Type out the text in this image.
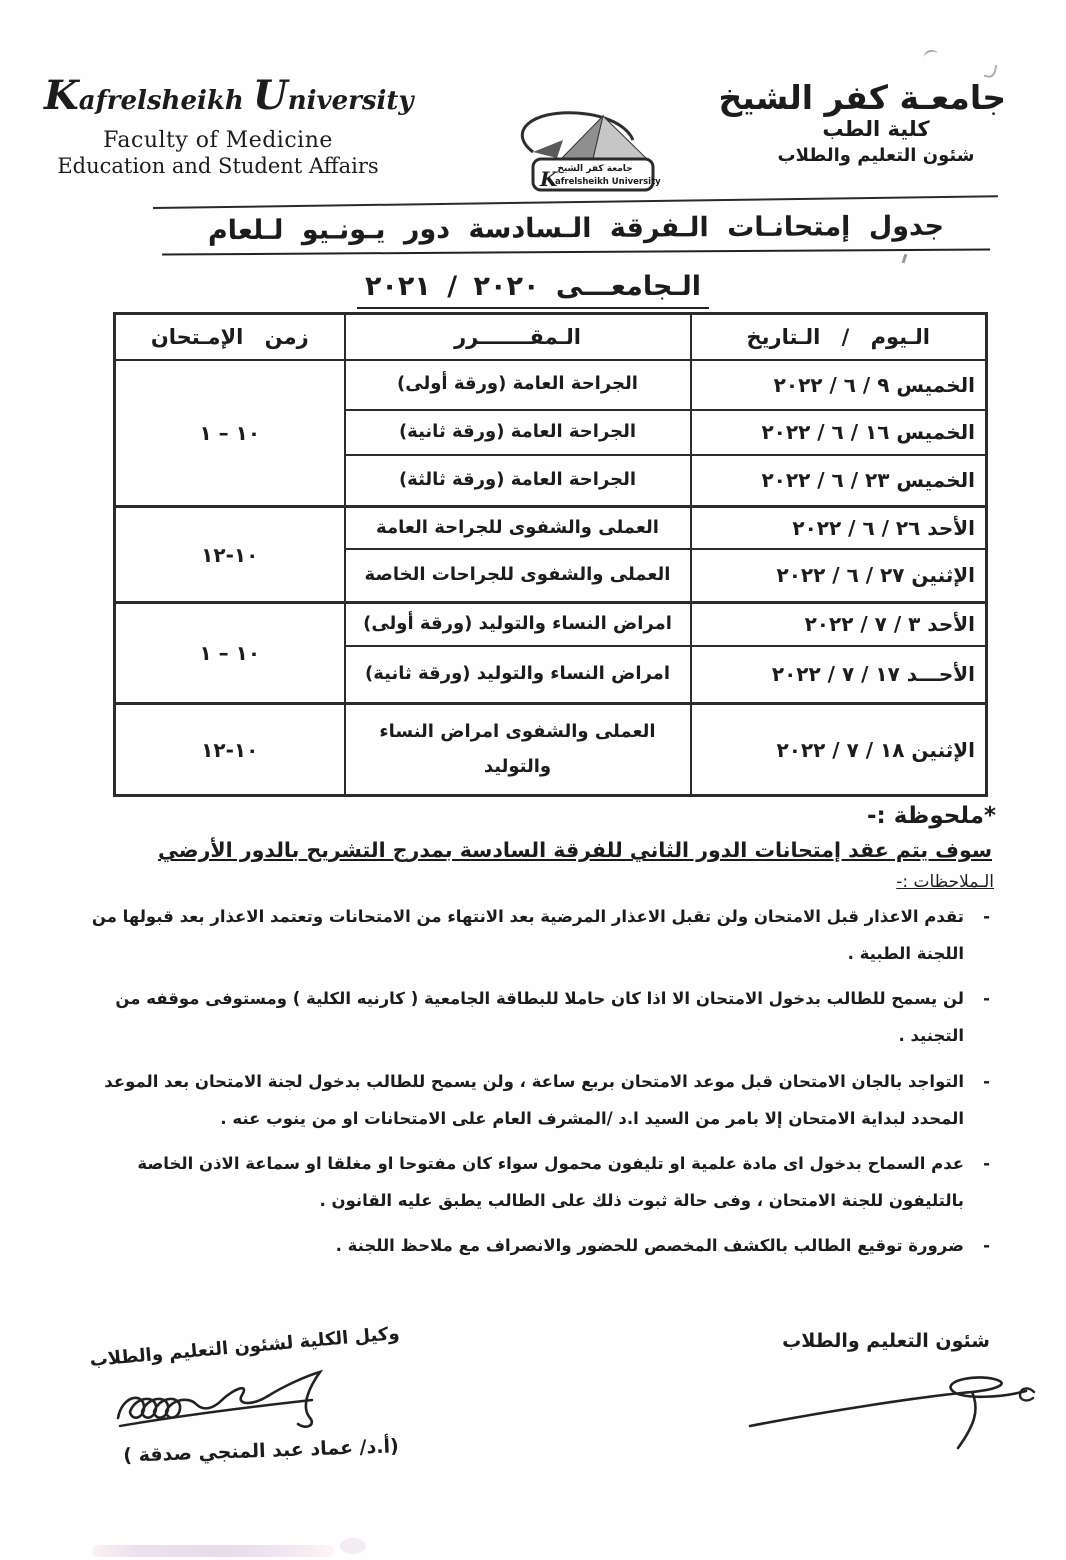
Kafrelsheikh University
Faculty of Medicine
Education and Student Affairs	جامعة كفر الشيخ
K
afrelsheikh University
جامعـة كفر الشيخ
كلية الطب
شئون التعليم والطلاب
جدول إمتحانـات الـفرقة الـسادسة دور يـونـيو لـلعام
الـجامعـــى ٢٠٢٠ / ٢٠٢١
الـيوم / الـتاريخ	الـمقـــــــرر	زمن الإمـتحان
الخميس ٩ / ٦ / ٢٠٢٢	الجراحة العامة (ورقة أولى)	١٠ – ١
الخميس ١٦ / ٦ / ٢٠٢٢	الجراحة العامة (ورقة ثانية)	
الخميس ٢٣ / ٦ / ٢٠٢٢	الجراحة العامة (ورقة ثالثة)	
الأحد ٢٦ / ٦ / ٢٠٢٢	العملى والشفوى للجراحة العامة	١٠-١٢
الإثنين ٢٧ / ٦ / ٢٠٢٢	العملى والشفوى للجراحات الخاصة	
الأحد ٣ / ٧ / ٢٠٢٢	امراض النساء والتوليد (ورقة أولى)	١٠ – ١
الأحـــد ١٧ / ٧ / ٢٠٢٢	امراض النساء والتوليد (ورقة ثانية)	
الإثنين ١٨ / ٧ / ٢٠٢٢	العملى والشفوى امراض النساء والتوليد	١٠-١٢
*ملحوظة :-
سوف يتم عقد إمتحانات الدور الثاني للفرقة السادسة بمدرج التشريح بالدور الأرضي
الـملاحظات :-
- تقدم الاعذار قبل الامتحان ولن تقبل الاعذار المرضية بعد الانتهاء من الامتحانات وتعتمد الاعذار بعد قبولها من اللجنة الطبية .
- لن يسمح للطالب بدخول الامتحان الا اذا كان حاملا للبطاقة الجامعية ( كارنيه الكلية ) ومستوفى موقفه من التجنيد .
- التواجد بالجان الامتحان قبل موعد الامتحان بربع ساعة ، ولن يسمح للطالب بدخول لجنة الامتحان بعد الموعد المحدد لبداية الامتحان إلا بامر من السيد ا.د /المشرف العام على الامتحانات او من ينوب عنه .
- عدم السماح بدخول اى مادة علمية او تليفون محمول سواء كان مفتوحا او مغلقا او سماعة الاذن الخاصة بالتليفون للجنة الامتحان ، وفى حالة ثبوت ذلك على الطالب يطبق عليه القانون .
- ضرورة توقيع الطالب بالكشف المخصص للحضور والانصراف مع ملاحظ اللجنة .
شئون التعليم والطلاب
وكيل الكلية لشئون التعليم والطلاب
(أ.د/ عماد عبد المنجي صدقة )
